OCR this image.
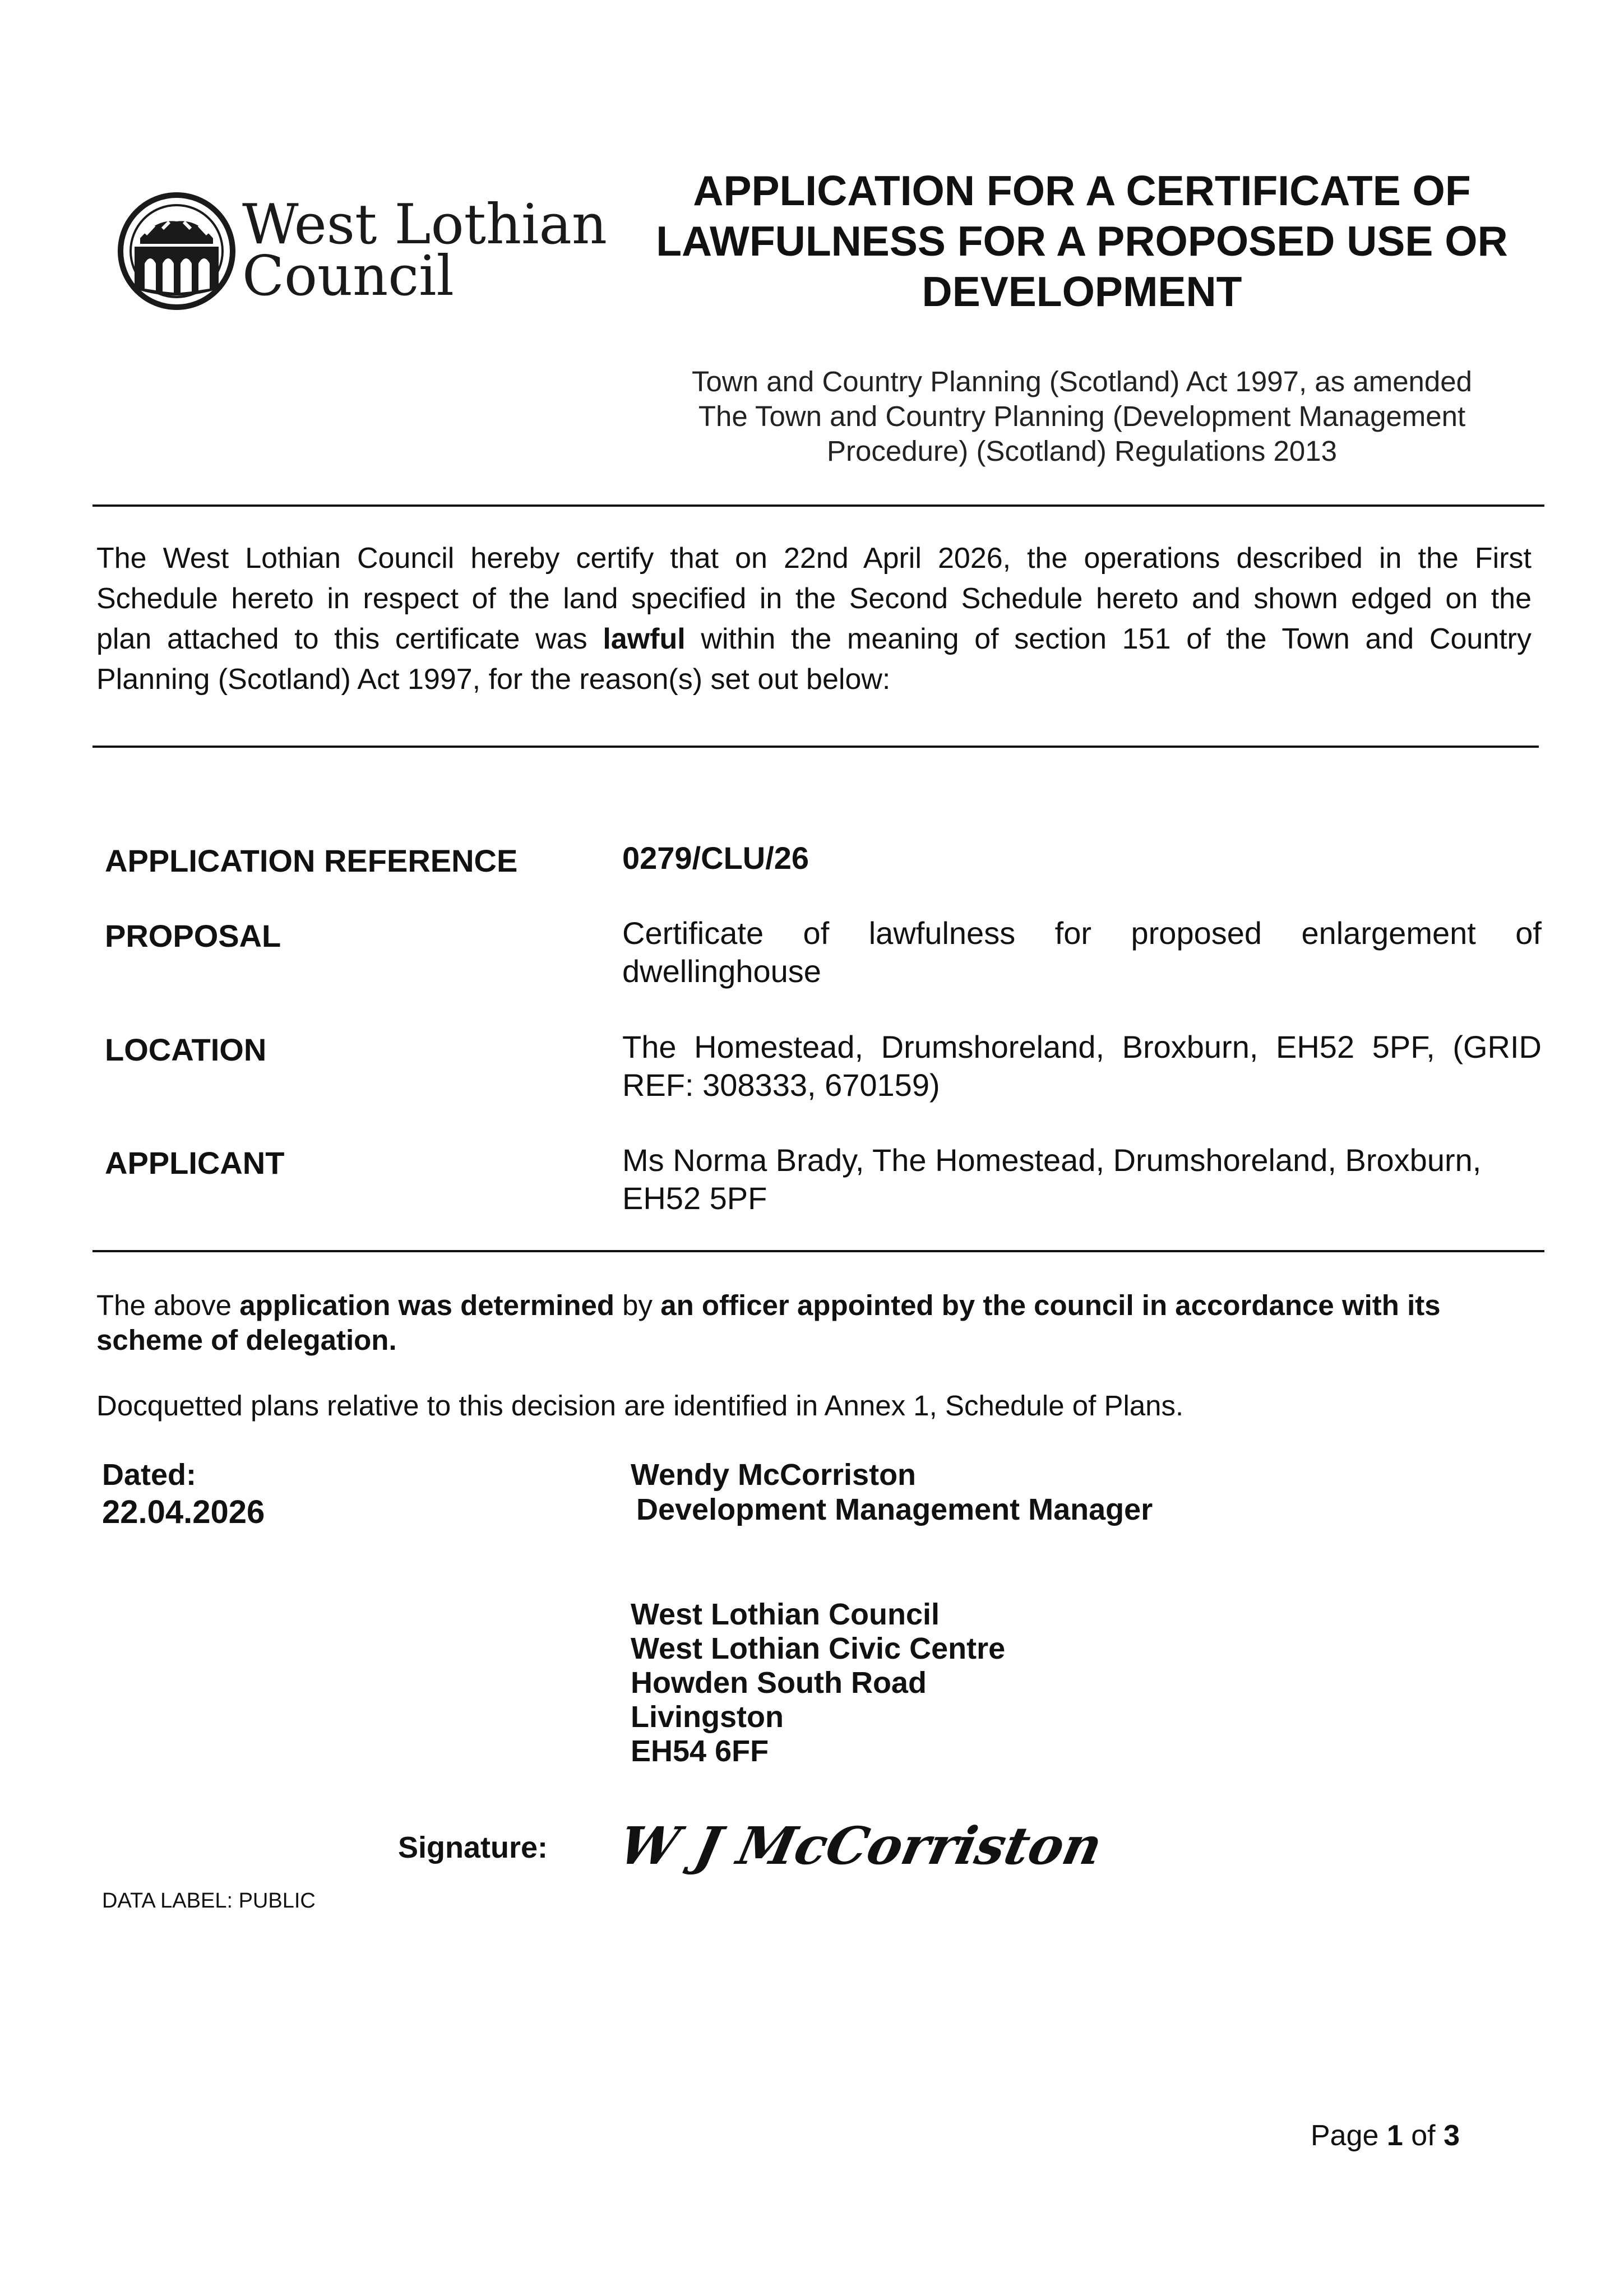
West Lothian
Council
APPLICATION FOR A CERTIFICATE OF
LAWFULNESS FOR A PROPOSED USE OR
DEVELOPMENT
Town and Country Planning (Scotland) Act 1997, as amended
The Town and Country Planning (Development Management
Procedure) (Scotland) Regulations 2013
The West Lothian Council hereby certify that on 22nd April 2026, the operations described in the First
Schedule hereto in respect of the land specified in the Second Schedule hereto and shown edged on the
plan attached to this certificate was lawful within the meaning of section 151 of the Town and Country
Planning (Scotland) Act 1997, for the reason(s) set out below:
APPLICATION REFERENCE	0279/CLU/26
PROPOSAL	Certificate of lawfulness for proposed enlargement of
dwellinghouse
LOCATION	The Homestead, Drumshoreland, Broxburn, EH52 5PF, (GRID
REF: 308333, 670159)
APPLICANT	Ms Norma Brady, The Homestead, Drumshoreland, Broxburn,
EH52 5PF
The above application was determined by an officer appointed by the council in accordance with its
scheme of delegation.
Docquetted plans relative to this decision are identified in Annex 1, Schedule of Plans.
Dated:
22.04.2026
Wendy McCorriston
Development Management Manager
West Lothian Council
West Lothian Civic Centre
Howden South Road
Livingston
EH54 6FF
Signature: W J McCorriston
DATA LABEL: PUBLIC
Page 1 of 3
